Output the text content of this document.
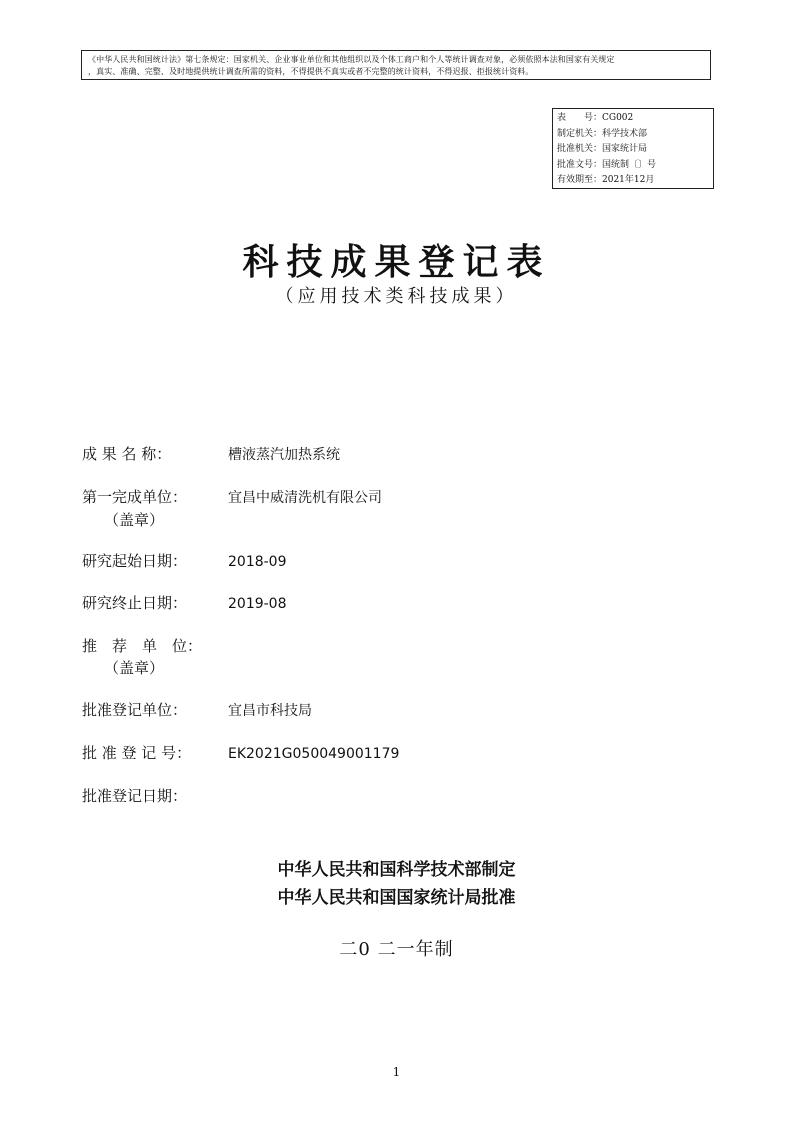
《中华人民共和国统计法》第七条规定：国家机关、企业事业单位和其他组织以及个体工商户和个人等统计调查对象，必须依照本法和国家有关规定
，真实、准确、完整、及时地提供统计调查所需的资料，不得提供不真实或者不完整的统计资料，不得迟报、拒报统计资料。
表　　号：CG002
制定机关：科学技术部
批准机关：国家统计局
批准文号：国统制〔〕号
有效期至：2021年12月
科技成果登记表
（应用技术类科技成果）
成 果 名 称：	槽液蒸汽加热系统
第一完成单位：	宜昌中威清洗机有限公司
（盖章）
研究起始日期：	2018-09
研究终止日期：	2019-08
推　荐　单　位：
（盖章）
批准登记单位：	宜昌市科技局
批 准 登 记 号：	EK2021G050049001179
批准登记日期：
中华人民共和国科学技术部制定
中华人民共和国国家统计局批准
二0 二一年制
1
